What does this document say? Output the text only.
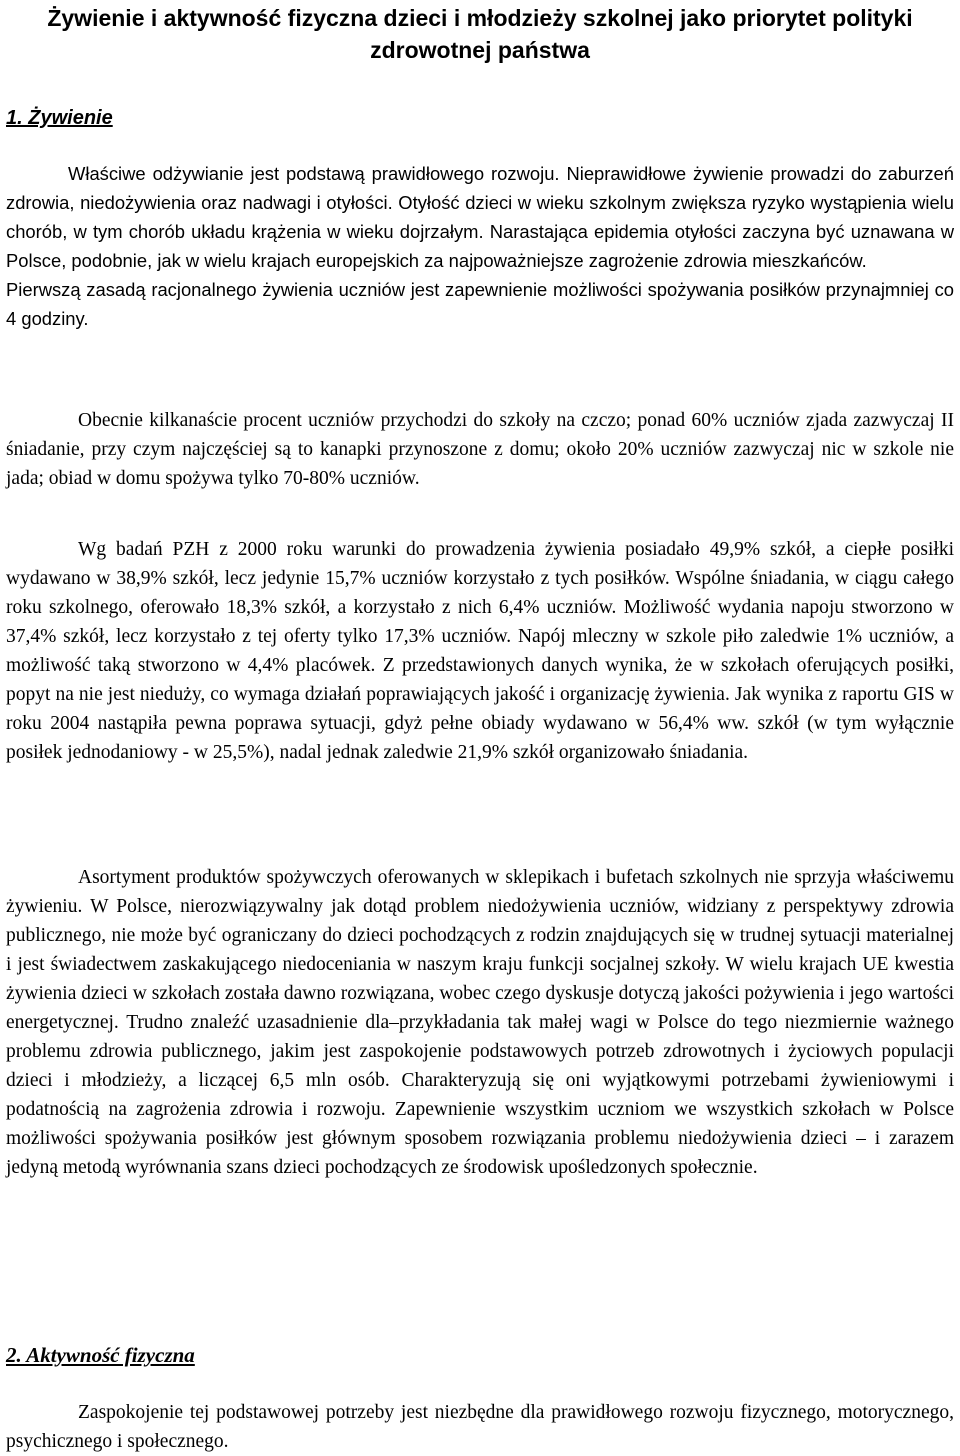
Żywienie i aktywność fizyczna dzieci i młodzieży szkolnej jako priorytet polityki zdrowotnej państwa
1. Żywienie
Właściwe odżywianie jest podstawą prawidłowego rozwoju. Nieprawidłowe żywienie prowadzi do zaburzeń zdrowia, niedożywienia oraz nadwagi i otyłości. Otyłość dzieci w wieku szkolnym zwiększa ryzyko wystąpienia wielu chorób, w tym chorób układu krążenia w wieku dojrzałym. Narastająca epidemia otyłości zaczyna być uznawana w Polsce, podobnie, jak w wielu krajach europejskich za najpoważniejsze zagrożenie zdrowia mieszkańców.
Pierwszą zasadą racjonalnego żywienia uczniów jest zapewnienie możliwości spożywania posiłków przynajmniej co 4 godziny.

Obecnie kilkanaście procent uczniów przychodzi do szkoły na czczo; ponad 60% uczniów zjada zazwyczaj II śniadanie, przy czym najczęściej są to kanapki przynoszone z domu; około 20% uczniów zazwyczaj nic w szkole nie jada; obiad w domu spożywa tylko 70-80% uczniów.

Wg badań PZH z 2000 roku warunki do prowadzenia żywienia posiadało 49,9% szkół, a ciepłe posiłki wydawano w 38,9% szkół, lecz jedynie 15,7% uczniów korzystało z tych posiłków. Wspólne śniadania, w ciągu całego roku szkolnego, oferowało 18,3% szkół, a korzystało z nich 6,4% uczniów. Możliwość wydania napoju stworzono w 37,4% szkół, lecz korzystało z tej oferty tylko 17,3% uczniów. Napój mleczny w szkole piło zaledwie 1% uczniów, a możliwość taką stworzono w 4,4% placówek. Z przedstawionych danych wynika, że w szkołach oferujących posiłki, popyt na nie jest nieduży, co wymaga działań poprawiających jakość i organizację żywienia. Jak wynika z raportu GIS w roku 2004 nastąpiła pewna poprawa sytuacji, gdyż pełne obiady wydawano w 56,4% ww. szkół (w tym wyłącznie posiłek jednodaniowy - w 25,5%), nadal jednak zaledwie 21,9% szkół organizowało śniadania.

Asortyment produktów spożywczych oferowanych w sklepikach i bufetach szkolnych nie sprzyja właściwemu żywieniu. W Polsce, nierozwiązywalny jak dotąd problem niedożywienia uczniów, widziany z perspektywy zdrowia publicznego, nie może być ograniczany do dzieci pochodzących z rodzin znajdujących się w trudnej sytuacji materialnej i jest świadectwem zaskakującego niedoceniania w naszym kraju funkcji socjalnej szkoły. W wielu krajach UE kwestia żywienia dzieci w szkołach została dawno rozwiązana, wobec czego dyskusje dotyczą jakości pożywienia i jego wartości energetycznej. Trudno znaleźć uzasadnienie dla–przykładania tak małej wagi w Polsce do tego niezmiernie ważnego problemu zdrowia publicznego, jakim jest zaspokojenie podstawowych potrzeb zdrowotnych i życiowych populacji dzieci i młodzieży, a liczącej 6,5 mln osób. Charakteryzują się oni wyjątkowymi potrzebami żywieniowymi i podatnością na zagrożenia zdrowia i rozwoju. Zapewnienie wszystkim uczniom we wszystkich szkołach w Polsce możliwości spożywania posiłków jest głównym sposobem rozwiązania problemu niedożywienia dzieci – i zarazem jedyną metodą wyrównania szans dzieci pochodzących ze środowisk upośledzonych społecznie.

2. Aktywność fizyczna

Zaspokojenie tej podstawowej potrzeby jest niezbędne dla prawidłowego rozwoju fizycznego, motorycznego, psychicznego i społecznego.
